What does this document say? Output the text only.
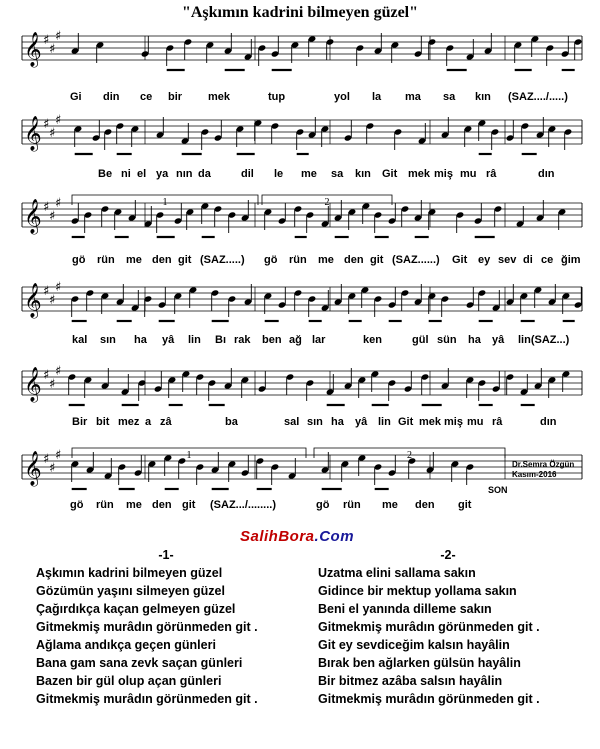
"Aşkımın kadrini bilmeyen güzel"
𝄞 ♯
♯
♯
𝄞 ♯
♯
♯
𝄞 ♯
♯
♯
𝄞 ♯
♯
♯
𝄞 ♯
♯
♯
𝄞 ♯
♯
♯
1	2
1	2
Gi din ce bir mek	tup	yol la ma sa kın (SAZ..../.....)
Be ni el ya nın da	dil le me sa kın Git mek miş mu râ	dın
gö rün me den git (SAZ.....) gö rün me den git (SAZ......) Git ey sev di ce ğim
kal sın ha yâ lin Bı rak ben ağ lar	ken	gül sün ha yâ lin(SAZ...)
Bir bit mez a zâ	ba	sal sın ha yâ lin Git mek miş mu râ	dın
gö rün me den git (SAZ.../........)	gö rün me den git
Dr.Semra Özgün
Kasım-2016
SON
SalihBora.Com
-1-
Aşkımın kadrini bilmeyen güzel
Gözümün yaşını silmeyen güzel
Çağırdıkça kaçan gelmeyen güzel
Gitmekmiş murâdın görünmeden git .
Ağlama andıkça geçen günleri
Bana gam sana zevk saçan günleri
Bazen bir gül olup açan günleri
Gitmekmiş murâdın görünmeden git .
-2-
Uzatma elini sallama sakın
Gidince bir mektup yollama sakın
Beni el yanında dilleme sakın
Gitmekmiş murâdın görünmeden git .
Git ey sevdiceğim kalsın hayâlin
Bırak ben ağlarken gülsün hayâlin
Bir bitmez azâba salsın hayâlin
Gitmekmiş murâdın görünmeden git .
